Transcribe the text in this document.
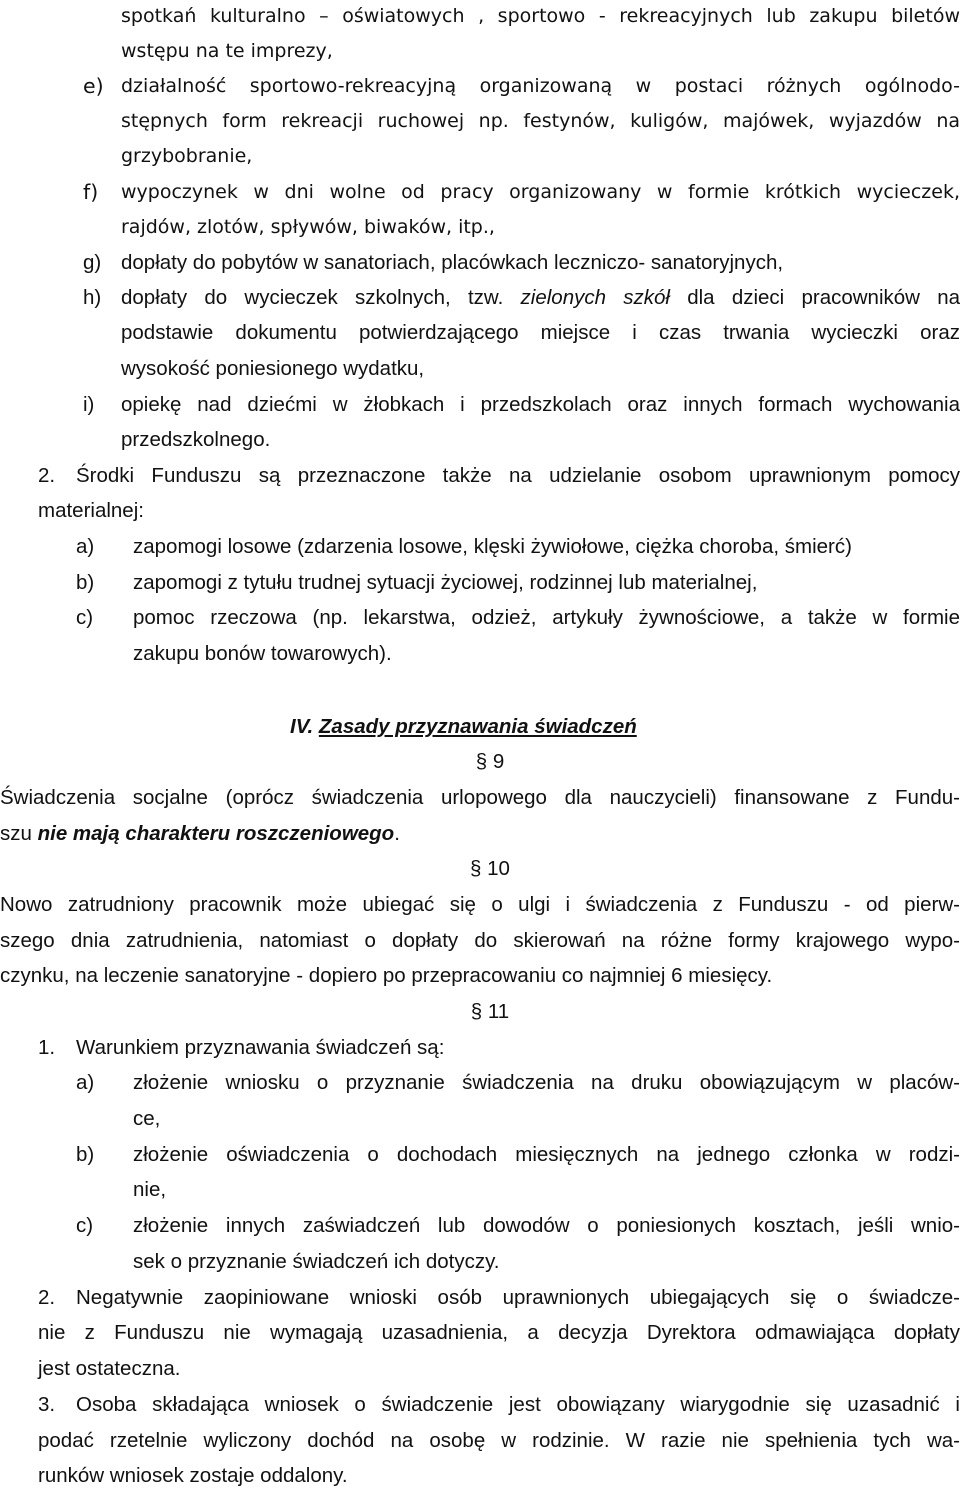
spotkań kulturalno – oświatowych , sportowo - rekreacyjnych lub zakupu biletów
wstępu na te imprezy,
e) działalność sportowo-rekreacyjną organizowaną w postaci różnych ogólnodo-
stępnych form rekreacji ruchowej np. festynów, kuligów, majówek, wyjazdów na
grzybobranie,
f) wypoczynek w dni wolne od pracy organizowany w formie krótkich wycieczek,
rajdów, zlotów, spływów, biwaków, itp.,
g) dopłaty do pobytów w sanatoriach, placówkach leczniczo- sanatoryjnych,
h) dopłaty do wycieczek szkolnych, tzw. zielonych szkół dla dzieci pracowników na
podstawie dokumentu potwierdzającego miejsce i czas trwania wycieczki oraz
wysokość poniesionego wydatku,
i) opiekę nad dziećmi w żłobkach i przedszkolach oraz innych formach wychowania
przedszkolnego.
2. Środki Funduszu są przeznaczone także na udzielanie osobom uprawnionym pomocy
materialnej:
a) zapomogi losowe (zdarzenia losowe, klęski żywiołowe, ciężka choroba, śmierć)
b) zapomogi z tytułu trudnej sytuacji życiowej, rodzinnej lub materialnej,
c) pomoc rzeczowa (np. lekarstwa, odzież, artykuły żywnościowe, a także w formie
zakupu bonów towarowych).
IV. Zasady przyznawania świadczeń
§ 9
Świadczenia socjalne (oprócz świadczenia urlopowego dla nauczycieli) finansowane z Fundu-
szu nie mają charakteru roszczeniowego.
§ 10
Nowo zatrudniony pracownik może ubiegać się o ulgi i świadczenia z Funduszu - od pierw-
szego dnia zatrudnienia, natomiast o dopłaty do skierowań na różne formy krajowego wypo-
czynku, na leczenie sanatoryjne - dopiero po przepracowaniu co najmniej 6 miesięcy.
§ 11
1. Warunkiem przyznawania świadczeń są:
a) złożenie wniosku o przyznanie świadczenia na druku obowiązującym w placów-
ce,
b) złożenie oświadczenia o dochodach miesięcznych na jednego członka w rodzi-
nie,
c) złożenie innych zaświadczeń lub dowodów o poniesionych kosztach, jeśli wnio-
sek o przyznanie świadczeń ich dotyczy.
2. Negatywnie zaopiniowane wnioski osób uprawnionych ubiegających się o świadcze-
nie z Funduszu nie wymagają uzasadnienia, a decyzja Dyrektora odmawiająca dopłaty
jest ostateczna.
3. Osoba składająca wniosek o świadczenie jest obowiązany wiarygodnie się uzasadnić i
podać rzetelnie wyliczony dochód na osobę w rodzinie. W razie nie spełnienia tych wa-
runków wniosek zostaje oddalony.
